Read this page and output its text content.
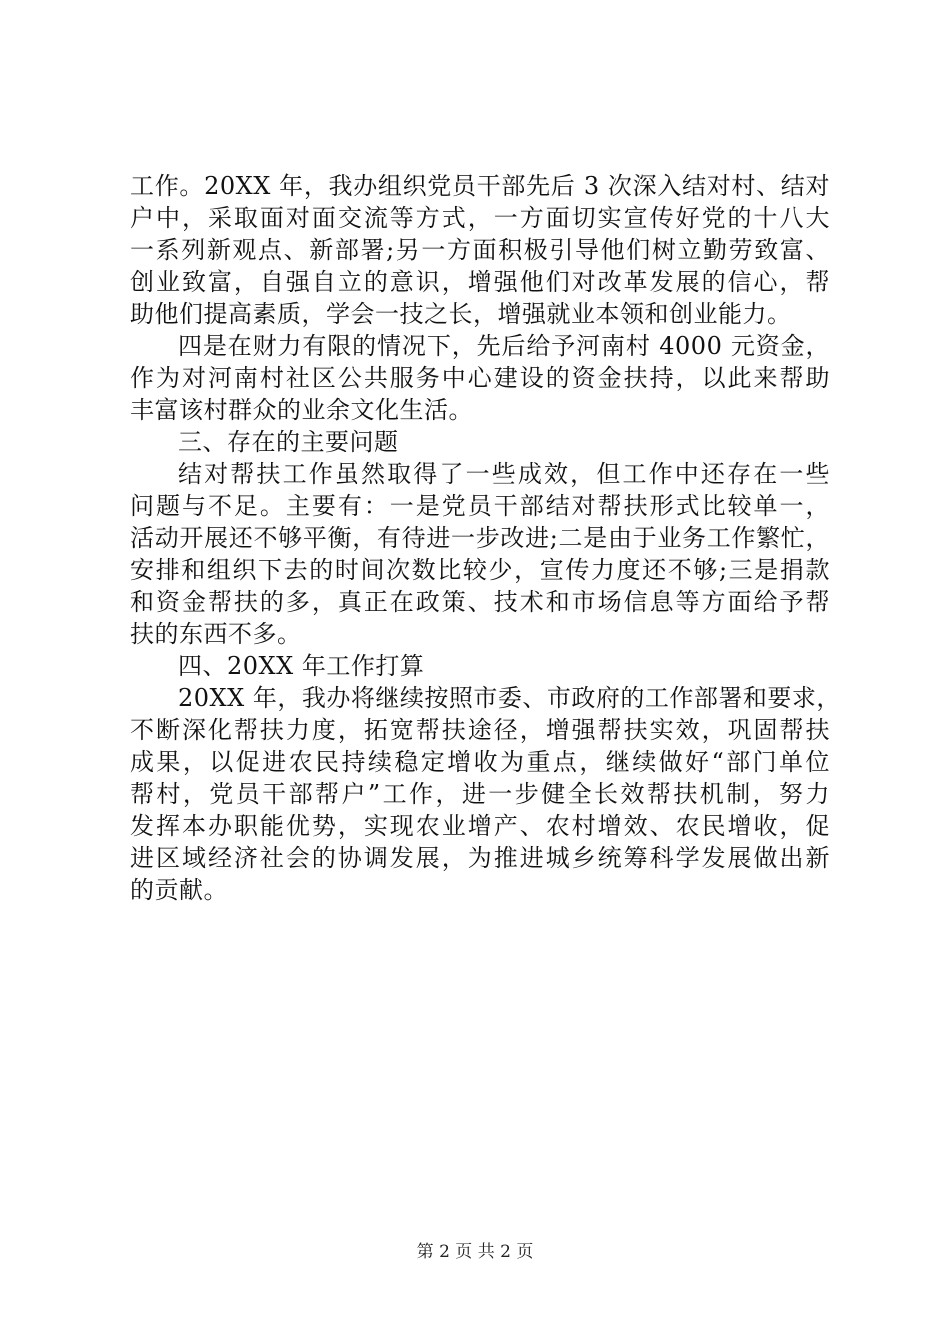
工作。20XX 年，我办组织党员干部先后 3 次深入结对村、结对
户中，采取面对面交流等方式，一方面切实宣传好党的十八大
一系列新观点、新部署;另一方面积极引导他们树立勤劳致富、
创业致富，自强自立的意识，增强他们对改革发展的信心，帮
助他们提高素质，学会一技之长，增强就业本领和创业能力。
四是在财力有限的情况下，先后给予河南村 4000 元资金，
作为对河南村社区公共服务中心建设的资金扶持，以此来帮助
丰富该村群众的业余文化生活。
三、存在的主要问题
结对帮扶工作虽然取得了一些成效，但工作中还存在一些
问题与不足。主要有：一是党员干部结对帮扶形式比较单一，
活动开展还不够平衡，有待进一步改进;二是由于业务工作繁忙，
安排和组织下去的时间次数比较少，宣传力度还不够;三是捐款
和资金帮扶的多，真正在政策、技术和市场信息等方面给予帮
扶的东西不多。
四、20XX 年工作打算
20XX 年，我办将继续按照市委、市政府的工作部署和要求，
不断深化帮扶力度，拓宽帮扶途径，增强帮扶实效，巩固帮扶
成果，以促进农民持续稳定增收为重点，继续做好“部门单位
帮村，党员干部帮户”工作，进一步健全长效帮扶机制，努力
发挥本办职能优势，实现农业增产、农村增效、农民增收，促
进区域经济社会的协调发展，为推进城乡统筹科学发展做出新
的贡献。
第 2 页 共 2 页
